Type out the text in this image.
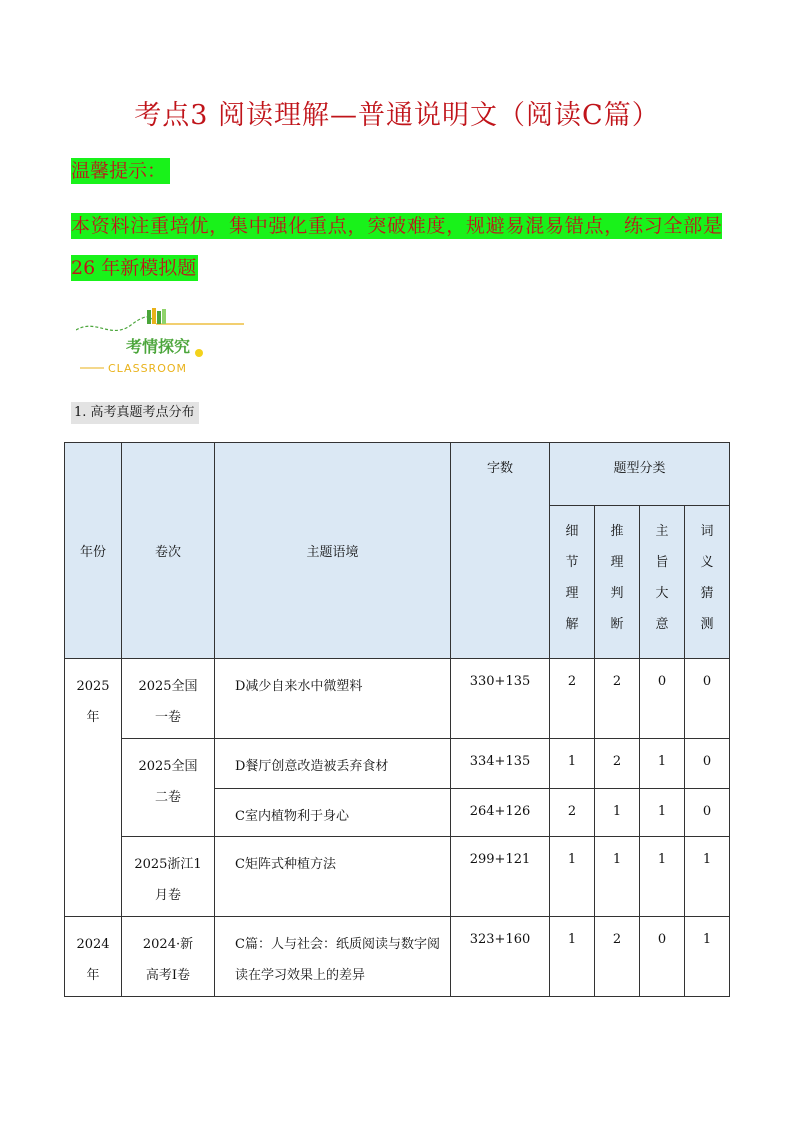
考点3 阅读理解—普通说明文（阅读C篇）
温馨提示：
本资料注重培优，集中强化重点，突破难度，规避易混易错点，练习全部是
26 年新模拟题
考情探究
CLASSROOM
1. 高考真题考点分布
年份	卷次	主题语境	字数	题型分类			

				细
节
理
解	推
理
判
断	主
旨
大
意	词
义
猜
测

2025
年	2025全国
一卷	D减少自来水中微塑料	330+135	2	2	0	0

	2025全国
二卷	D餐厅创意改造被丢弃食材	334+135	1	2	1	0
		C室内植物利于身心	264+126	2	1	1	0

	2025浙江1
月卷	C矩阵式种植方法	299+121	1	1	1	1

2024
年	2024·新
高考Ⅰ卷	C篇：人与社会：纸质阅读与数字阅读在学习效果上的差异	323+160	1	2	0	1
